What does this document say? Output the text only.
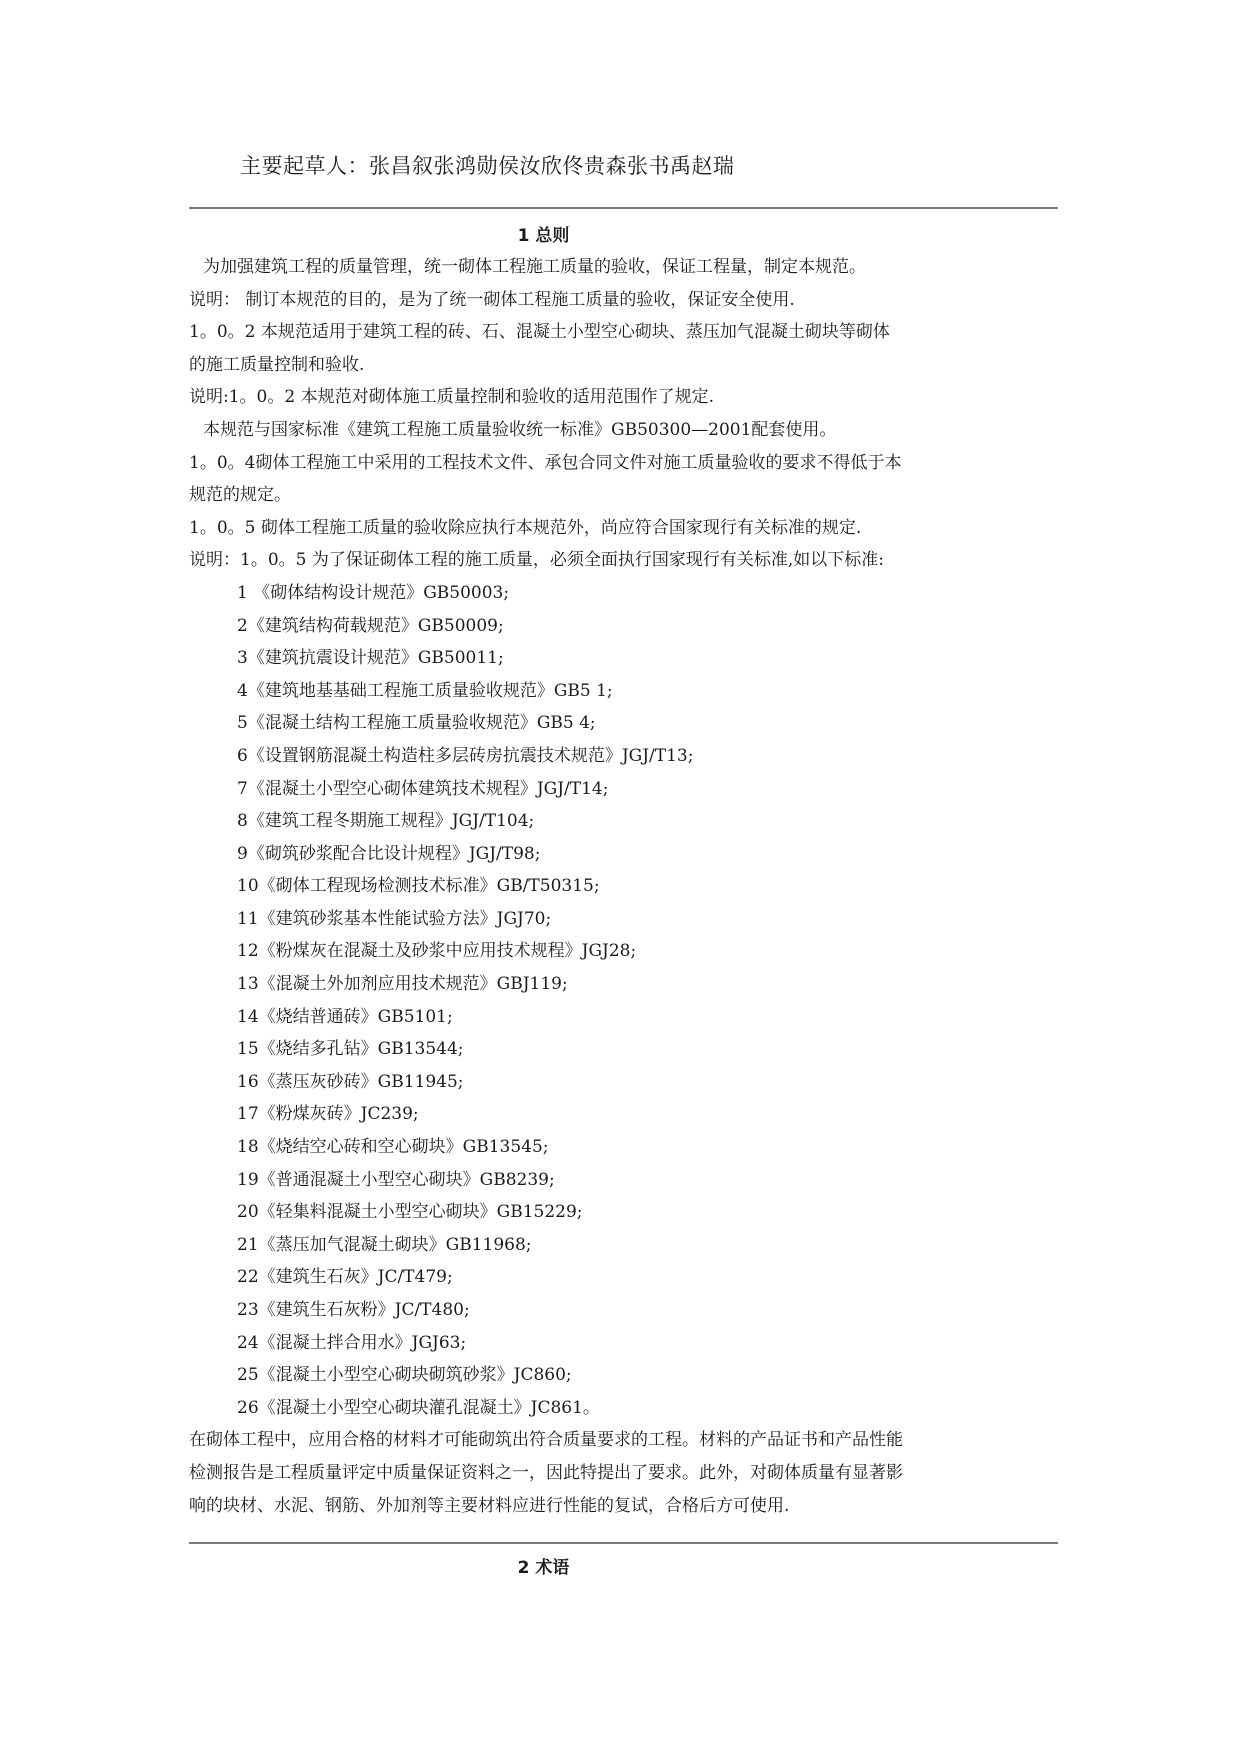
主要起草人：张昌叙张鸿勋侯汝欣佟贵森张书禹赵瑞
1 总则
为加强建筑工程的质量管理，统一砌体工程施工质量的验收，保证工程量，制定本规范。
说明： 制订本规范的目的，是为了统一砌体工程施工质量的验收，保证安全使用.
1。0。2 本规范适用于建筑工程的砖、石、混凝土小型空心砌块、蒸压加气混凝土砌块等砌体
的施工质量控制和验收.
说明:1。0。2 本规范对砌体施工质量控制和验收的适用范围作了规定.
本规范与国家标准《建筑工程施工质量验收统一标准》GB50300—2001配套使用。
1。0。4砌体工程施工中采用的工程技术文件、承包合同文件对施工质量验收的要求不得低于本
规范的规定。
1。0。5 砌体工程施工质量的验收除应执行本规范外，尚应符合国家现行有关标准的规定.
说明：1。0。5 为了保证砌体工程的施工质量，必须全面执行国家现行有关标准,如以下标准:
1 《砌体结构设计规范》GB50003;
2《建筑结构荷载规范》GB50009;
3《建筑抗震设计规范》GB50011;
4《建筑地基基础工程施工质量验收规范》GB5 1;
5《混凝土结构工程施工质量验收规范》GB5 4;
6《设置钢筋混凝土构造柱多层砖房抗震技术规范》JGJ/T13;
7《混凝土小型空心砌体建筑技术规程》JGJ/T14;
8《建筑工程冬期施工规程》JGJ/T104;
9《砌筑砂浆配合比设计规程》JGJ/T98;
10《砌体工程现场检测技术标准》GB/T50315;
11《建筑砂浆基本性能试验方法》JGJ70;
12《粉煤灰在混凝土及砂浆中应用技术规程》JGJ28;
13《混凝土外加剂应用技术规范》GBJ119;
14《烧结普通砖》GB5101;
15《烧结多孔钻》GB13544;
16《蒸压灰砂砖》GB11945;
17《粉煤灰砖》JC239;
18《烧结空心砖和空心砌块》GB13545;
19《普通混凝土小型空心砌块》GB8239;
20《轻集料混凝土小型空心砌块》GB15229;
21《蒸压加气混凝土砌块》GB11968;
22《建筑生石灰》JC/T479;
23《建筑生石灰粉》JC/T480;
24《混凝土拌合用水》JGJ63;
25《混凝土小型空心砌块砌筑砂浆》JC860;
26《混凝土小型空心砌块灌孔混凝土》JC861。
在砌体工程中，应用合格的材料才可能砌筑出符合质量要求的工程。材料的产品证书和产品性能
检测报告是工程质量评定中质量保证资料之一，因此特提出了要求。此外，对砌体质量有显著影
响的块材、水泥、钢筋、外加剂等主要材料应进行性能的复试，合格后方可使用.
2 术语
